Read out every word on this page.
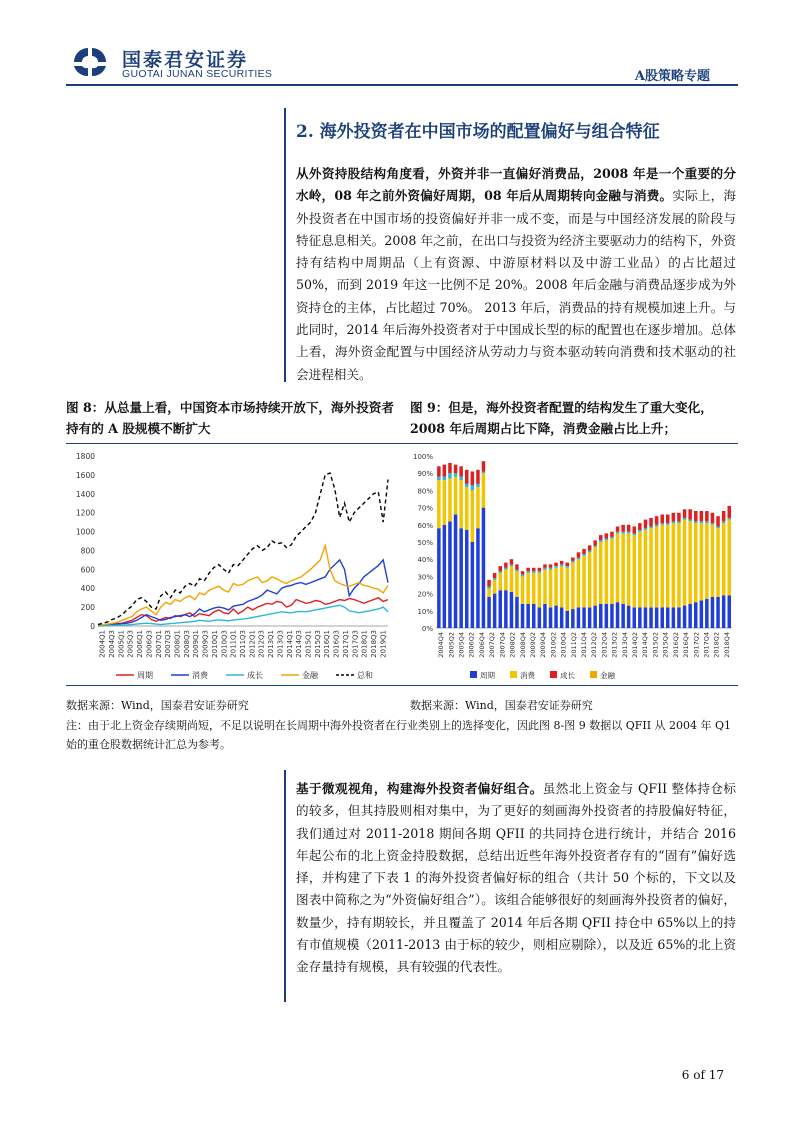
国泰君安证券
GUOTAI JUNAN SECURITIES	A股策略专题
2. 海外投资者在中国市场的配置偏好与组合特征
从外资持股结构角度看，外资并非一直偏好消费品，2008 年是一个重要的分水岭，08 年之前外资偏好周期，08 年后从周期转向金融与消费。实际上，海外投资者在中国市场的投资偏好并非一成不变，而是与中国经济发展的阶段与特征息息相关。2008 年之前，在出口与投资为经济主要驱动力的结构下，外资持有结构中周期品（上有资源、中游原材料以及中游工业品）的占比超过 50%，而到 2019 年这一比例不足 20%。2008 年后金融与消费品逐步成为外资持仓的主体，占比超过 70%。 2013 年后，消费品的持有规模加速上升。与此同时，2014 年后海外投资者对于中国成长型的标的配置也在逐步增加。总体上看，海外资金配置与中国经济从劳动力与资本驱动转向消费和技术驱动的社会进程相关。
图 8：从总量上看，中国资本市场持续开放下，海外投资者持有的 A 股规模不断扩大
图 9：但是，海外投资者配置的结构发生了重大变化，2008 年后周期占比下降，消费金融占比上升；
0
200
400
600
800
1000
1200
1400
1600
1800
2004Q1 2004Q3 2005Q1 2005Q3 2006Q1 2006Q3 2007Q1 2007Q3 2008Q1 2008Q3 2009Q1 2009Q3 2010Q1 2010Q3 2011Q1 2011Q3 2012Q1 2012Q3 2013Q1 2013Q3 2014Q1 2014Q3 2015Q1 2015Q3 2016Q1 2016Q3 2017Q1 2017Q3 2018Q1 2018Q3 2019Q1
周期	消费	成长	金融	总和
0%
10%
20%
30%
40%
50%
60%
70%
80%
90%
100%
2004Q4 2005Q2 2005Q4 2006Q2 2006Q4 2007Q2 2007Q4 2008Q2 2008Q4 2009Q2 2009Q4 2010Q2 2010Q4 2011Q2 2011Q4 2012Q2 2012Q4 2013Q2 2013Q4 2014Q2 2014Q4 2015Q2 2015Q4 2016Q2 2016Q4 2017Q2 2017Q4 2018Q2 2018Q4
周期	消费	成长	金融
数据来源：Wind，国泰君安证券研究	数据来源：Wind，国泰君安证券研究
注：由于北上资金存续期尚短，不足以说明在长周期中海外投资者在行业类别上的选择变化，因此图 8-图 9 数据以 QFII 从 2004 年 Q1 始的重仓股数据统计汇总为参考。
基于微观视角，构建海外投资者偏好组合。虽然北上资金与 QFII 整体持仓标的较多，但其持股则相对集中，为了更好的刻画海外投资者的持股偏好特征，我们通过对 2011-2018 期间各期 QFII 的共同持仓进行统计，并结合 2016 年起公布的北上资金持股数据，总结出近些年海外投资者存有的“固有”偏好选择，并构建了下表 1 的海外投资者偏好标的组合（共计 50 个标的，下文以及图表中简称之为“外资偏好组合”）。该组合能够很好的刻画海外投资者的偏好，数量少，持有期较长，并且覆盖了 2014 年后各期 QFII 持仓中 65%以上的持有市值规模（2011-2013 由于标的较少，则相应剔除），以及近 65%的北上资金存量持有规模，具有较强的代表性。
6 of 17
